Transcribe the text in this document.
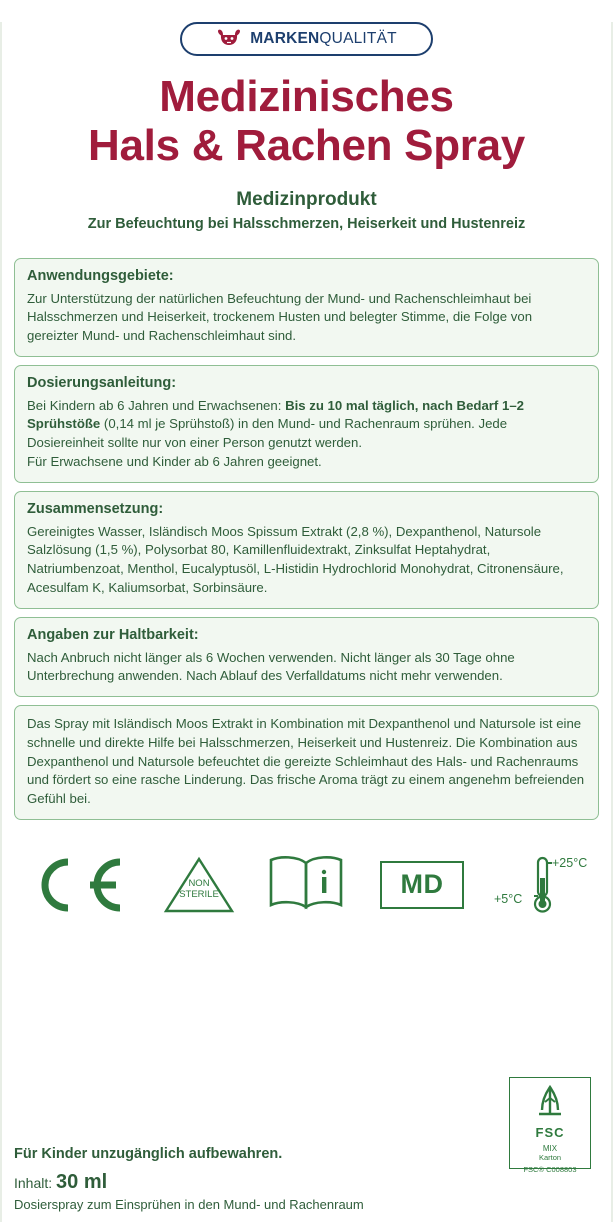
MARKENQUALITÄT
Medizinisches
Hals & Rachen Spray
Medizinprodukt
Zur Befeuchtung bei Halsschmerzen, Heiserkeit und Hustenreiz
Anwendungsgebiete:

Zur Unterstützung der natürlichen Befeuchtung der Mund- und Rachenschleimhaut bei Halsschmerzen und Heiserkeit, trockenem Husten und belegter Stimme, die Folge von gereizter Mund- und Rachenschleimhaut sind.

Dosierungsanleitung:

Bei Kindern ab 6 Jahren und Erwachsenen: Bis zu 10 mal täglich, nach Bedarf 1–2 Sprühstöße (0,14 ml je Sprühstoß) in den Mund- und Rachenraum sprühen. Jede Dosiereinheit sollte nur von einer Person genutzt werden.

Für Erwachsene und Kinder ab 6 Jahren geeignet.

Zusammensetzung:

Gereinigtes Wasser, Isländisch Moos Spissum Extrakt (2,8 %), Dexpanthenol, Natursole Salzlösung (1,5 %), Polysorbat 80, Kamillenfluidextrakt, Zinksulfat Heptahydrat, Natriumbenzoat, Menthol, Eucalyptusöl, L-Histidin Hydrochlorid Monohydrat, Citronensäure, Acesulfam K, Kaliumsorbat, Sorbinsäure.

Angaben zur Haltbarkeit:

Nach Anbruch nicht länger als 6 Wochen verwenden. Nicht länger als 30 Tage ohne Unterbrechung anwenden. Nach Ablauf des Verfalldatums nicht mehr verwenden.

Das Spray mit Isländisch Moos Extrakt in Kombination mit Dexpanthenol und Natursole ist eine schnelle und direkte Hilfe bei Halsschmerzen, Heiserkeit und Hustenreiz. Die Kombination aus Dexpanthenol und Natursole befeuchtet die gereizte Schleimhaut des Hals- und Rachenraums und fördert so eine rasche Linderung. Das frische Aroma trägt zu einem angenehm befreienden Gefühl bei.

NON
STERILE	MD
+25°C
+5°C
FSC
MIX
Karton
FSC® C008803
Für Kinder unzugänglich aufbewahren.
Inhalt: 30 ml
Dosierspray zum Einsprühen in den Mund- und Rachenraum
